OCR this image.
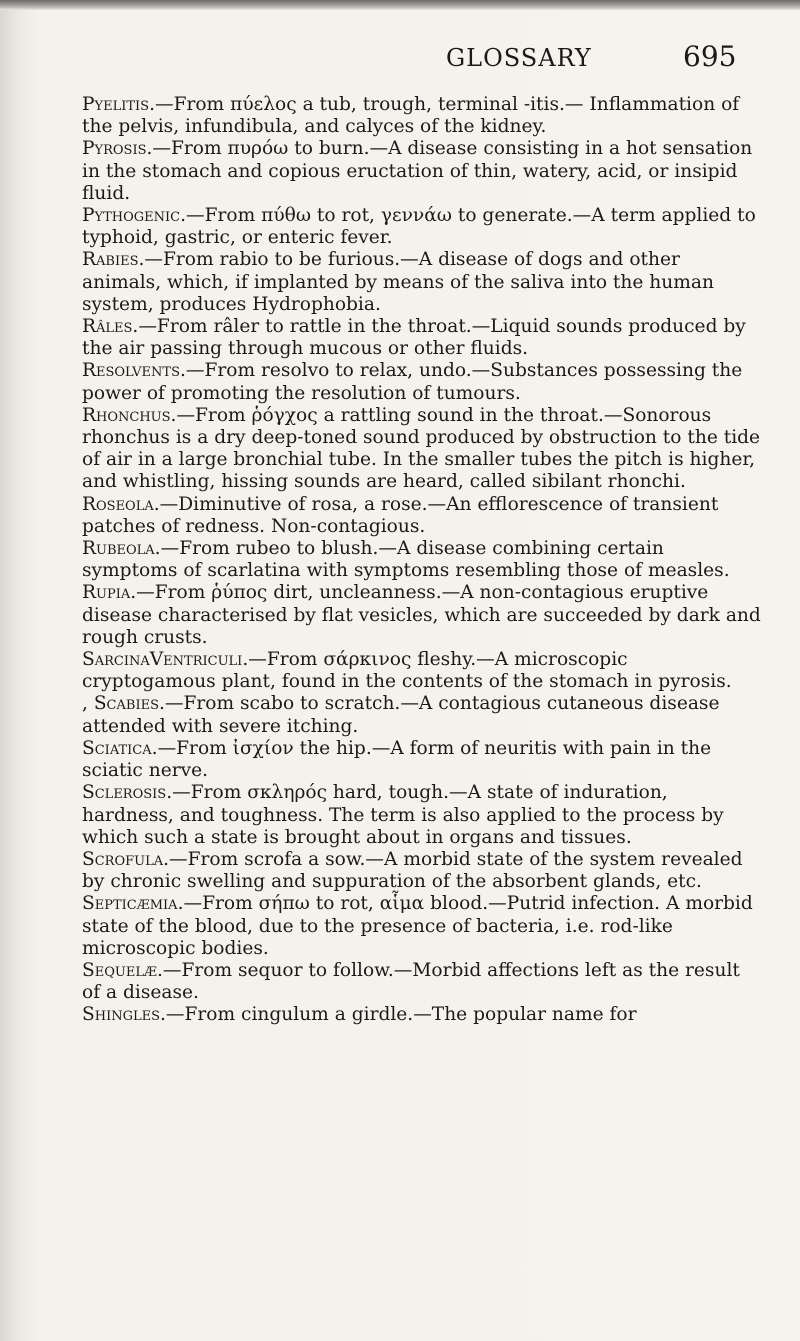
GLOSSARY	695

Pyelitis.—From πύελος a tub, trough, terminal -itis.— Inflammation of the pelvis, infundibula, and calyces of the kidney.

Pyrosis.—From πυρόω to burn.—A disease consisting in a hot sensation in the stomach and copious eructation of thin, watery, acid, or insipid fluid.

Pythogenic.—From πύθω to rot, γεννάω to generate.—A term applied to typhoid, gastric, or enteric fever.

Rabies.—From rabio to be furious.—A disease of dogs and other animals, which, if implanted by means of the saliva into the human system, produces Hydrophobia.

Râles.—From râler to rattle in the throat.—Liquid sounds produced by the air passing through mucous or other fluids.

Resolvents.—From resolvo to relax, undo.—Substances possessing the power of promoting the resolution of tumours.

Rhonchus.—From ῥόγχος a rattling sound in the throat.—Sonorous rhonchus is a dry deep-toned sound produced by obstruction to the tide of air in a large bronchial tube. In the smaller tubes the pitch is higher, and whistling, hissing sounds are heard, called sibilant rhonchi.

Roseola.—Diminutive of rosa, a rose.—An efflorescence of transient patches of redness. Non-contagious.

Rubeola.—From rubeo to blush.—A disease combining certain symptoms of scarlatina with symptoms resembling those of measles.

Rupia.—From ῥύπος dirt, uncleanness.—A non-contagious eruptive disease characterised by flat vesicles, which are succeeded by dark and rough crusts.

SarcinaVentriculi.—From σάρκινος fleshy.—A microscopic cryptogamous plant, found in the contents of the stomach in pyrosis.

, Scabies.—From scabo to scratch.—A contagious cutaneous disease attended with severe itching.

Sciatica.—From ἰσχίον the hip.—A form of neuritis with pain in the sciatic nerve.

Sclerosis.—From σκληρός hard, tough.—A state of induration, hardness, and toughness. The term is also applied to the process by which such a state is brought about in organs and tissues.

Scrofula.—From scrofa a sow.—A morbid state of the system revealed by chronic swelling and suppuration of the absorbent glands, etc.

Septicæmia.—From σήπω to rot, αἷμα blood.—Putrid infection. A morbid state of the blood, due to the presence of bacteria, i.e. rod-like microscopic bodies.

Sequelæ.—From sequor to follow.—Morbid affections left as the result of a disease.

Shingles.—From cingulum a girdle.—The popular name for
